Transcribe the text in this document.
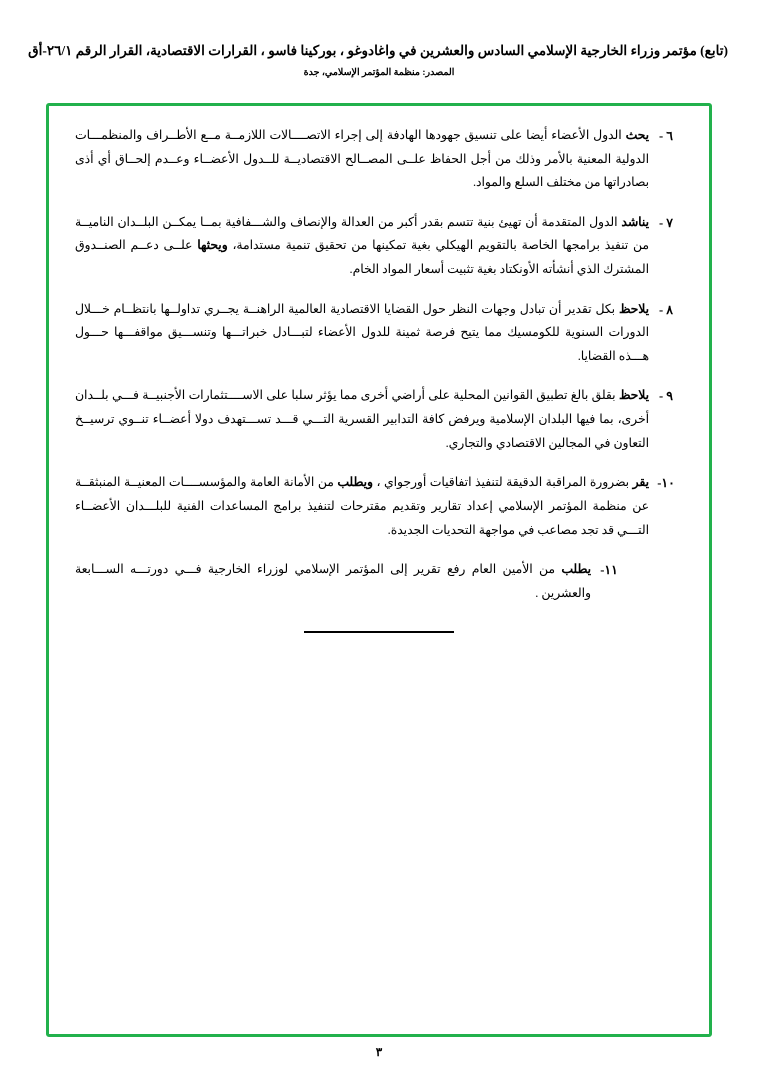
(تابع) مؤتمر وزراء الخارجية الإسلامي السادس والعشرين في واغادوغو ، بوركينا فاسو ، القرارات الاقتصادية، القرار الرقم ٢٦/١-أق
المصدر: منظمة المؤتمر الإسلامي، جدة
٦ -
يحث الدول الأعضاء أيضا على تنسيق جهودها الهادفة إلى إجراء الاتصــــالات اللازمــة مــع الأطــراف والمنظمـــات الدولية المعنية بالأمر وذلك من أجل الحفاظ علــى المصــالح الاقتصاديــة للــدول الأعضــاء وعــدم إلحــاق أي أذى بصادراتها من مختلف السلع والمواد.
٧ -
يناشد الدول المتقدمة أن تهيئ بنية تتسم بقدر أكبر من العدالة والإنصاف والشـــفافية بمــا يمكــن البلــدان الناميــة من تنفيذ برامجها الخاصة بالتقويم الهيكلي بغية تمكينها من تحقيق تنمية مستدامة، ويحثها علــى دعــم الصنــدوق المشترك الذي أنشأته الأونكتاد بغية تثبيت أسعار المواد الخام.
٨ -
يلاحظ بكل تقدير أن تبادل وجهات النظر حول القضايا الاقتصادية العالمية الراهنــة يجــري تداولــها بانتظــام خـــلال الدورات السنوية للكومسيك مما يتيح فرصة ثمينة للدول الأعضاء لتبـــادل خبراتـــها وتنســـيق مواقفـــها حـــول هـــذه القضايا.
٩ -
يلاحظ بقلق بالغ تطبيق القوانين المحلية على أراضي أخرى مما يؤثر سلبا على الاســــتثمارات الأجنبيــة فـــي بلــدان أخرى، بما فيها البلدان الإسلامية ويرفض كافة التدابير القسرية التـــي قـــد تســـتهدف دولا أعضــاء تنــوي ترسيــخ التعاون في المجالين الاقتصادي والتجاري.
١٠-
يقر بضرورة المراقبة الدقيقة لتنفيذ اتفاقيات أورجواي ، ويطلب من الأمانة العامة والمؤسســــات المعنيــة المنبثقــة عن منظمة المؤتمر الإسلامي إعداد تقارير وتقديم مقترحات لتنفيذ برامج المساعدات الفنية للبلـــدان الأعضــاء التـــي قد تجد مصاعب في مواجهة التحديات الجديدة.
١١-
يطلب من الأمين العام رفع تقرير إلى المؤتمر الإسلامي لوزراء الخارجية فـــي دورتـــه الســـابعة والعشرين .
٣
